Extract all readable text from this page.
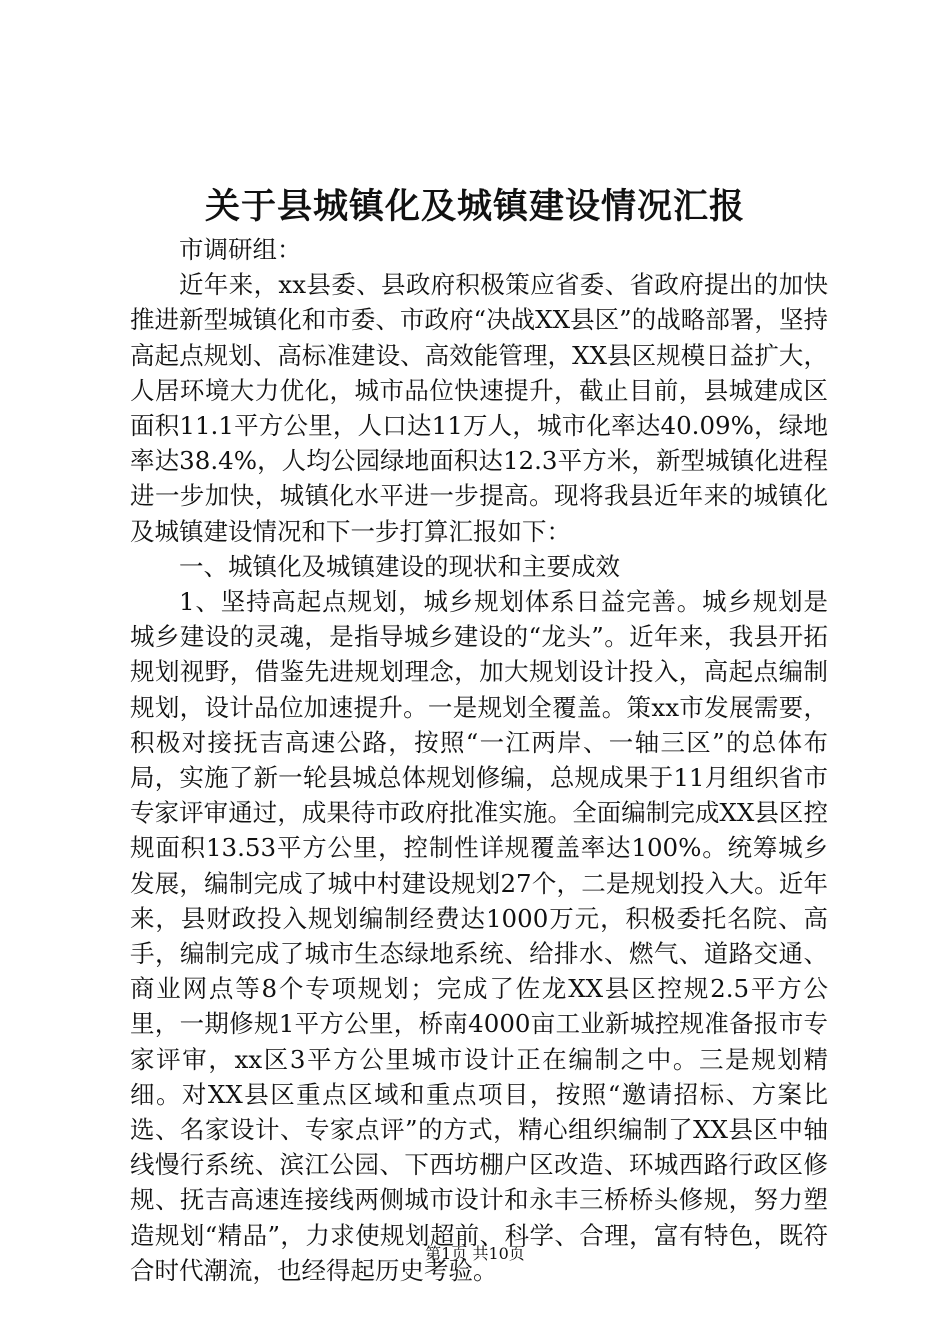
关于县城镇化及城镇建设情况汇报

市调研组：

近年来，xx县委、县政府积极策应省委、省政府提出的加快推进新型城镇化和市委、市政府“决战XX县区”的战略部署，坚持高起点规划、高标准建设、高效能管理，XX县区规模日益扩大，人居环境大力优化，城市品位快速提升，截止目前，县城建成区面积11.1平方公里，人口达11万人，城市化率达40.09%，绿地率达38.4%，人均公园绿地面积达12.3平方米，新型城镇化进程进一步加快，城镇化水平进一步提高。现将我县近年来的城镇化及城镇建设情况和下一步打算汇报如下：

一、城镇化及城镇建设的现状和主要成效

1、坚持高起点规划，城乡规划体系日益完善。城乡规划是城乡建设的灵魂，是指导城乡建设的“龙头”。近年来，我县开拓规划视野，借鉴先进规划理念，加大规划设计投入，高起点编制规划，设计品位加速提升。一是规划全覆盖。策xx市发展需要，积极对接抚吉高速公路，按照“一江两岸、一轴三区”的总体布局，实施了新一轮县城总体规划修编，总规成果于11月组织省市专家评审通过，成果待市政府批准实施。全面编制完成XX县区控规面积13.53平方公里，控制性详规覆盖率达100%。统筹城乡发展，编制完成了城中村建设规划27个，二是规划投入大。近年来，县财政投入规划编制经费达1000万元，积极委托名院、高手，编制完成了城市生态绿地系统、给排水、燃气、道路交通、商业网点等8个专项规划；完成了佐龙XX县区控规2.5平方公里，一期修规1平方公里，桥南4000亩工业新城控规准备报市专家评审，xx区3平方公里城市设计正在编制之中。三是规划精细。对XX县区重点区域和重点项目，按照“邀请招标、方案比选、名家设计、专家点评”的方式，精心组织编制了XX县区中轴线慢行系统、滨江公园、下西坊棚户区改造、环城西路行政区修规、抚吉高速连接线两侧城市设计和永丰三桥桥头修规，努力塑造规划“精品”，力求使规划超前、科学、合理，富有特色，既符合时代潮流，也经得起历史考验。

第1页 共10页
